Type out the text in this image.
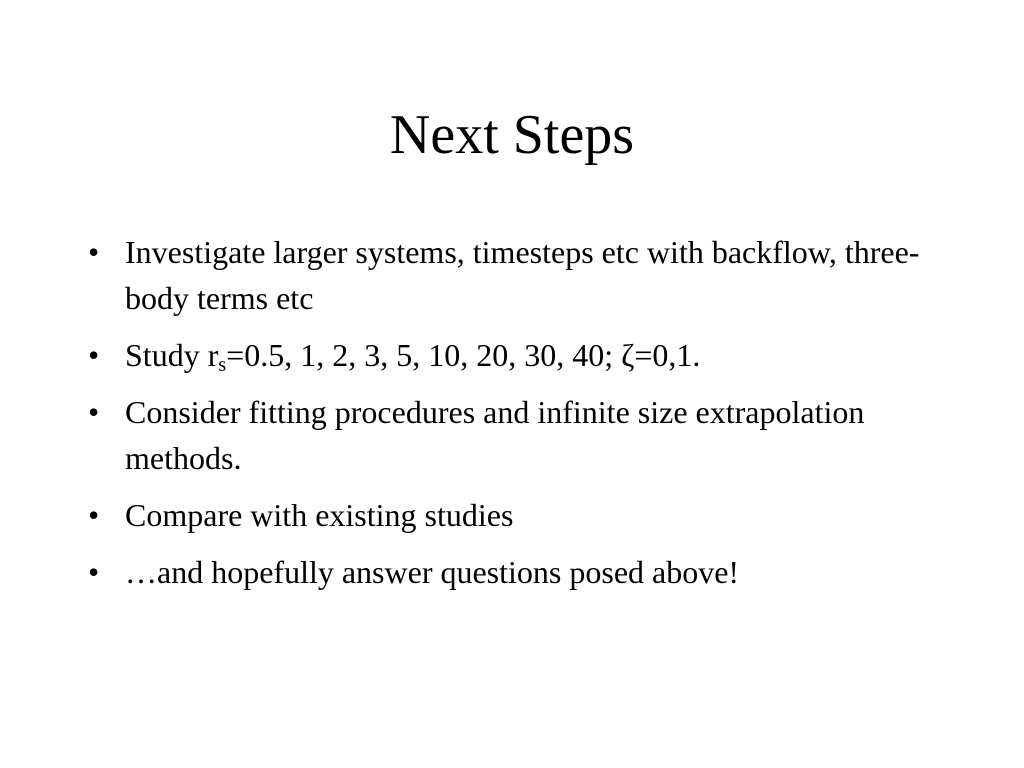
Next Steps
• Investigate larger systems, timesteps etc with backflow, three-body terms etc
• Study $r_s=0.5$, 1, 2, 3, 5, 10, 20, 30, 40; ζ=0,1.
• Consider fitting procedures and infinite size extrapolation methods.
• Compare with existing studies
• …and hopefully answer questions posed above!
